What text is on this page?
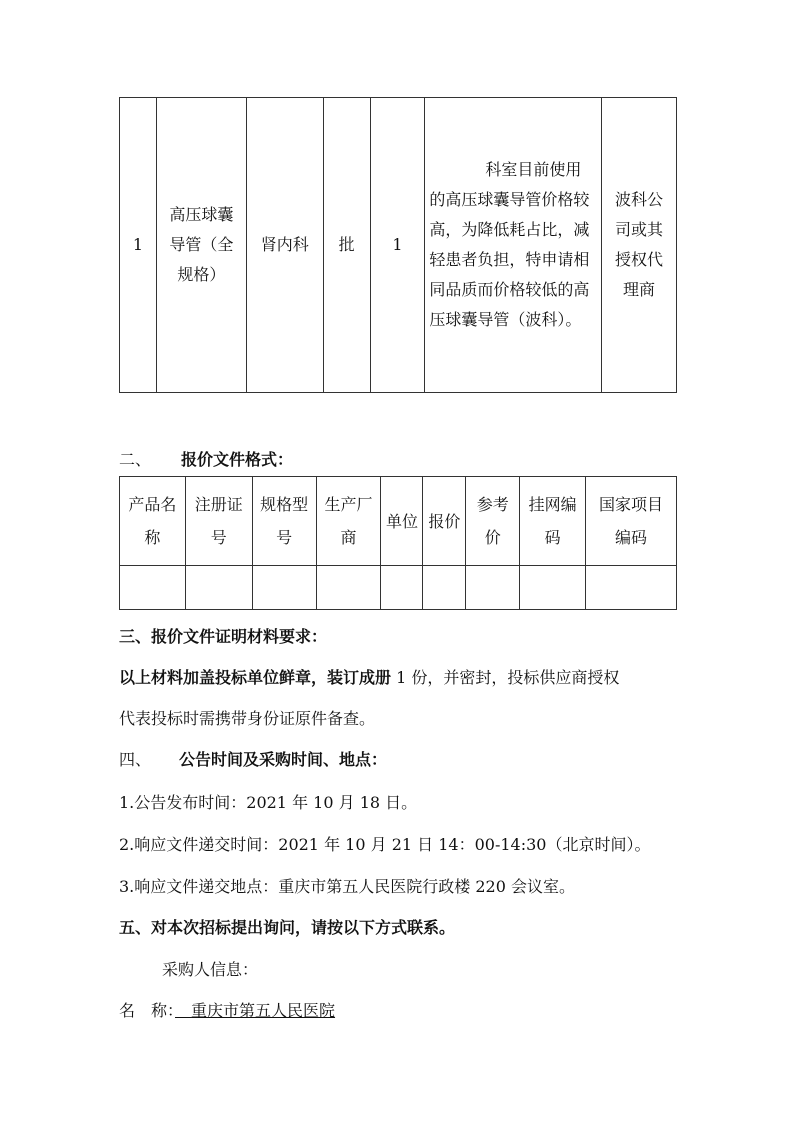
1	高压球囊导管（全规格）	肾内科	批	1	科室目前使用的高压球囊导管价格较高，为降低耗占比，减轻患者负担，特申请相同品质而价格较低的高压球囊导管（波科）。	波科公司或其授权代理商
二、 报价文件格式：
产品名称	注册证号	规格型号	生产厂商	单位	报价	参考价	挂网编码	国家项目编码

三、报价文件证明材料要求：
以上材料加盖投标单位鲜章，装订成册 1 份，并密封，投标供应商授权
代表投标时需携带身份证原件备查。
四、 公告时间及采购时间、地点：
1.公告发布时间：2021 年 10 月 18 日。
2.响应文件递交时间：2021 年 10 月 21 日 14：00-14:30（北京时间）。
3.响应文件递交地点：重庆市第五人民医院行政楼 220 会议室。
五、对本次招标提出询问，请按以下方式联系。
采购人信息：
名　称：　 重庆市第五人民医院
